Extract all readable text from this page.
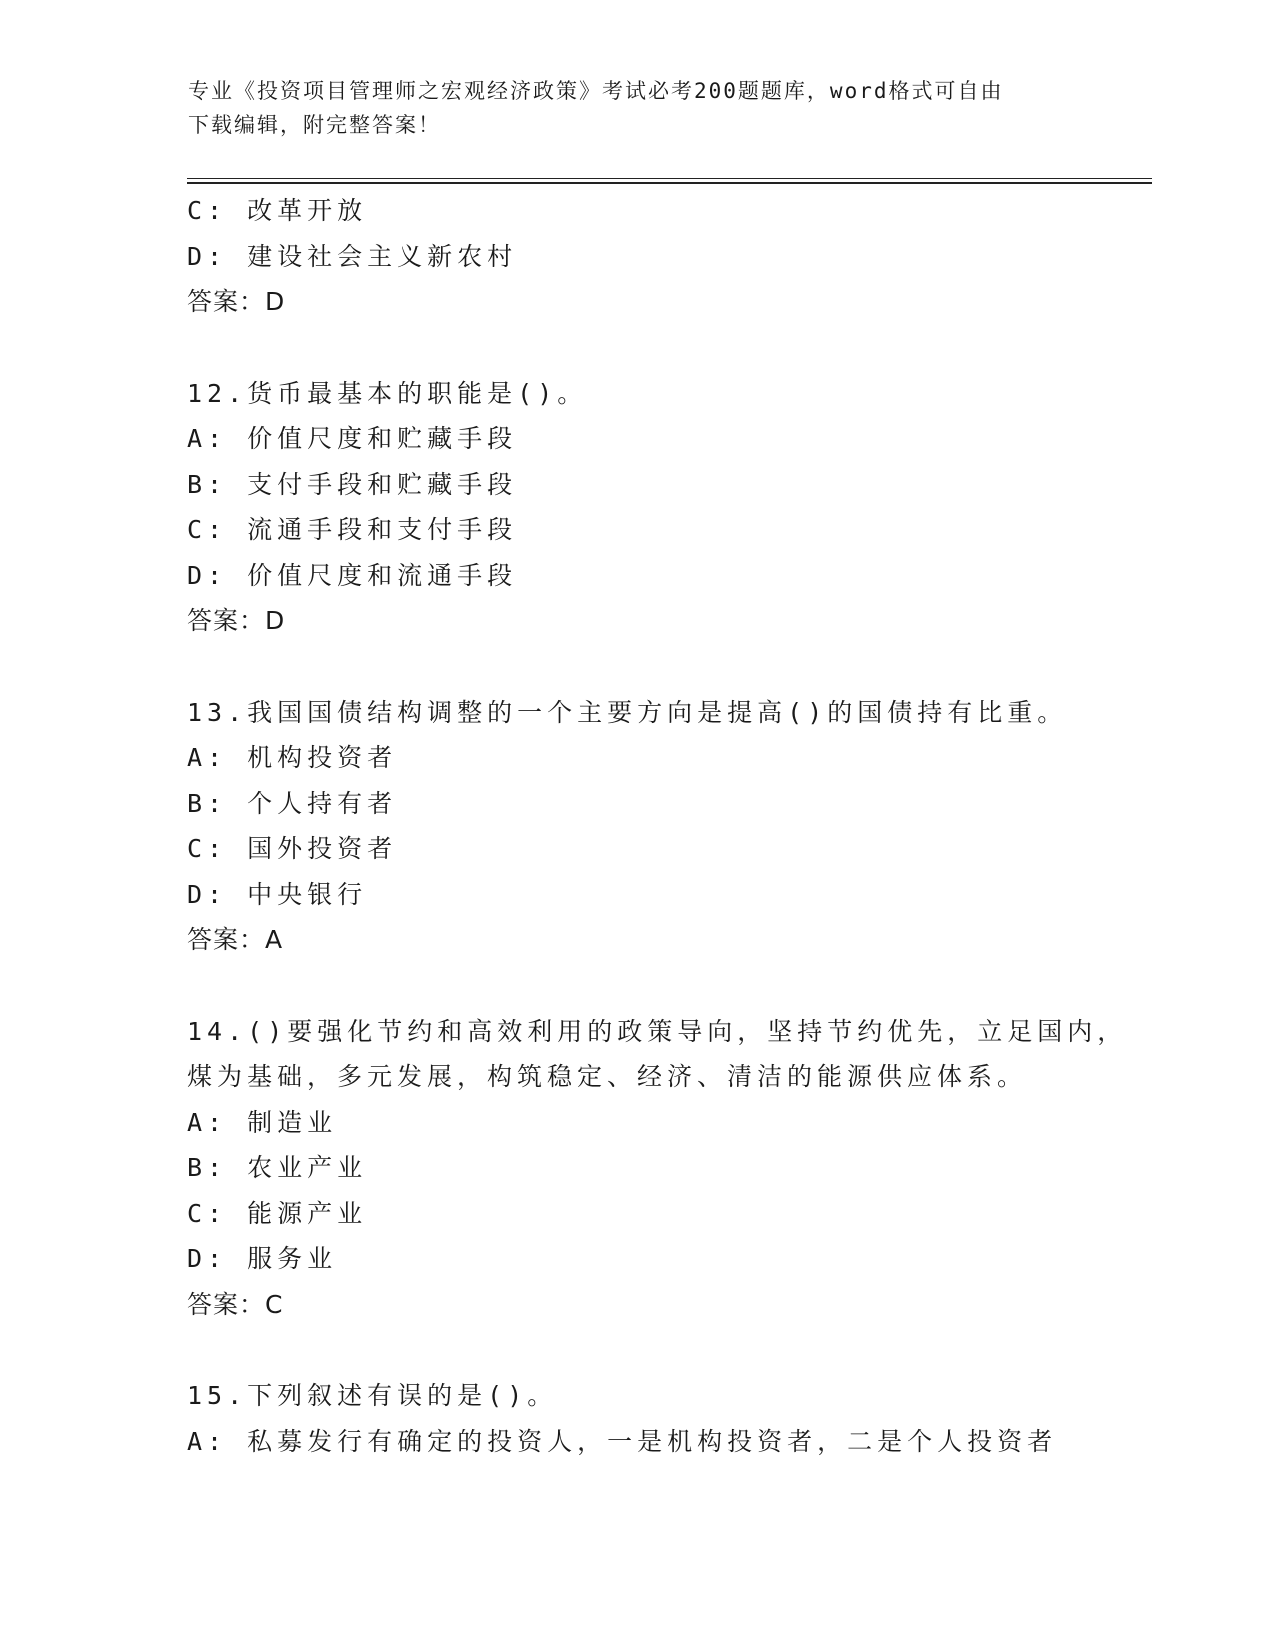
专业《投资项目管理师之宏观经济政策》考试必考200题题库，word格式可自由
下载编辑，附完整答案！
C: 改革开放
D: 建设社会主义新农村
答案：D
12.货币最基本的职能是()。
A: 价值尺度和贮藏手段
B: 支付手段和贮藏手段
C: 流通手段和支付手段
D: 价值尺度和流通手段
答案：D
13.我国国债结构调整的一个主要方向是提高()的国债持有比重。
A: 机构投资者
B: 个人持有者
C: 国外投资者
D: 中央银行
答案：A
14.()要强化节约和高效利用的政策导向，坚持节约优先，立足国内，
煤为基础，多元发展，构筑稳定、经济、清洁的能源供应体系。
A: 制造业
B: 农业产业
C: 能源产业
D: 服务业
答案：C
15.下列叙述有误的是()。
A: 私募发行有确定的投资人，一是机构投资者，二是个人投资者
